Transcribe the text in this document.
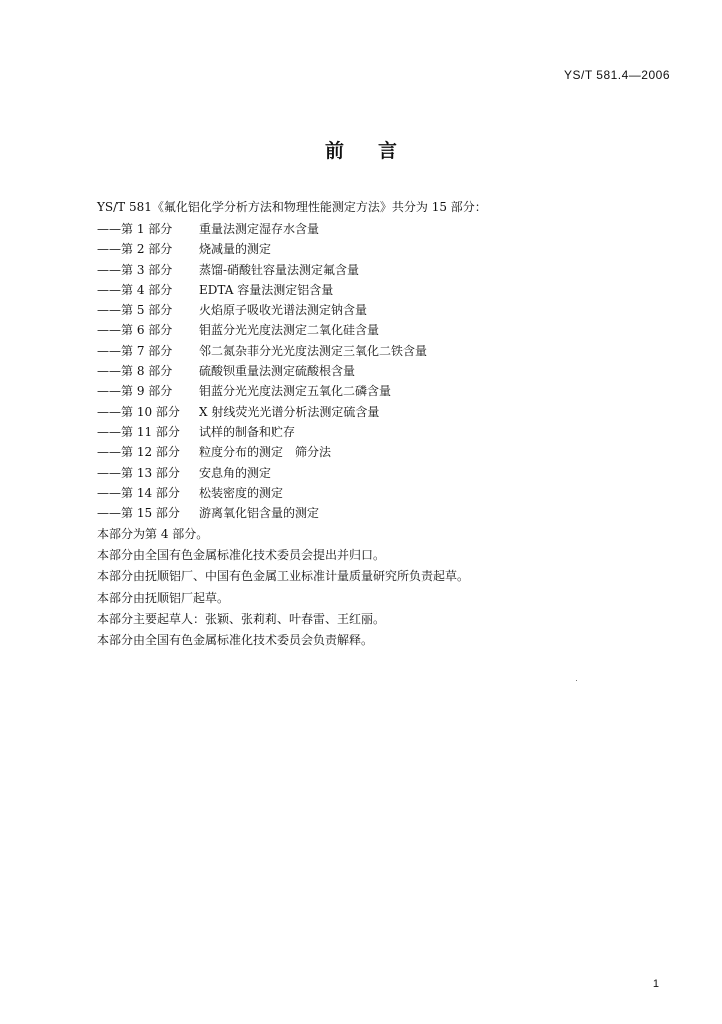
YS/T 581.4—2006
前言
YS/T 581《氟化铝化学分析方法和物理性能测定方法》共分为 15 部分：
——第 1 部分	重量法测定湿存水含量
——第 2 部分	烧减量的测定
——第 3 部分	蒸馏-硝酸钍容量法测定氟含量
——第 4 部分	EDTA 容量法测定铝含量
——第 5 部分	火焰原子吸收光谱法测定钠含量
——第 6 部分	钼蓝分光光度法测定二氧化硅含量
——第 7 部分	邻二氮杂菲分光光度法测定三氧化二铁含量
——第 8 部分	硫酸钡重量法测定硫酸根含量
——第 9 部分	钼蓝分光光度法测定五氧化二磷含量
——第 10 部分	X 射线荧光光谱分析法测定硫含量
——第 11 部分	试样的制备和贮存
——第 12 部分	粒度分布的测定　筛分法
——第 13 部分	安息角的测定
——第 14 部分	松装密度的测定
——第 15 部分	游离氧化铝含量的测定
本部分为第 4 部分。
本部分由全国有色金属标准化技术委员会提出并归口。
本部分由抚顺铝厂、中国有色金属工业标准计量质量研究所负责起草。
本部分由抚顺铝厂起草。
本部分主要起草人：张颖、张莉莉、叶春雷、王红丽。
本部分由全国有色金属标准化技术委员会负责解释。
1
